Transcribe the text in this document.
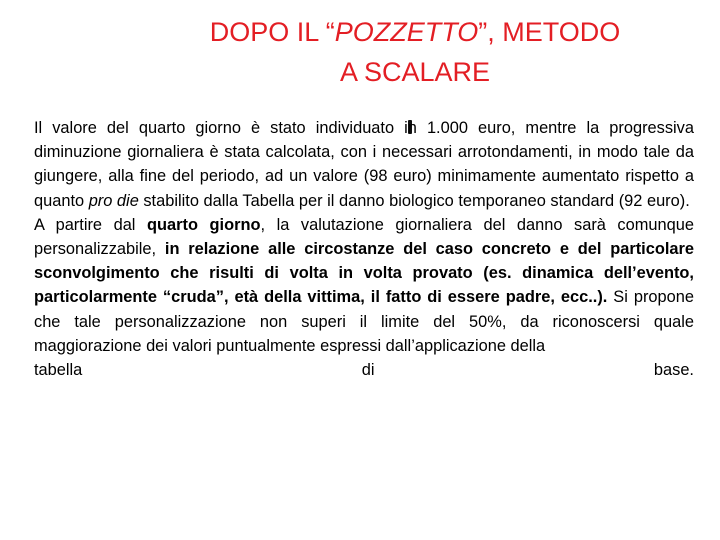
DOPO IL “POZZETTO”, METODO
A SCALARE

Il valore del quarto giorno è stato individuato in 1.000 euro, mentre la progressiva diminuzione giornaliera è stata calcolata, con i necessari arrotondamenti, in modo tale da giungere, alla fine del periodo, ad un valore (98 euro) minimamente aumentato rispetto a quanto pro die stabilito dalla Tabella per il danno biologico temporaneo standard (92 euro).

A partire dal quarto giorno, la valutazione giornaliera del danno sarà comunque personalizzabile, in relazione alle circostanze del caso concreto e del particolare sconvolgimento che risulti di volta in volta provato (es. dinamica dell’evento, particolarmente “cruda”, età della vittima, il fatto di essere padre, ecc..). Si propone che tale personalizzazione non superi il limite del 50%, da riconoscersi quale maggiorazione dei valori puntualmente espressi dall’applicazione della

tabella	di	base.
